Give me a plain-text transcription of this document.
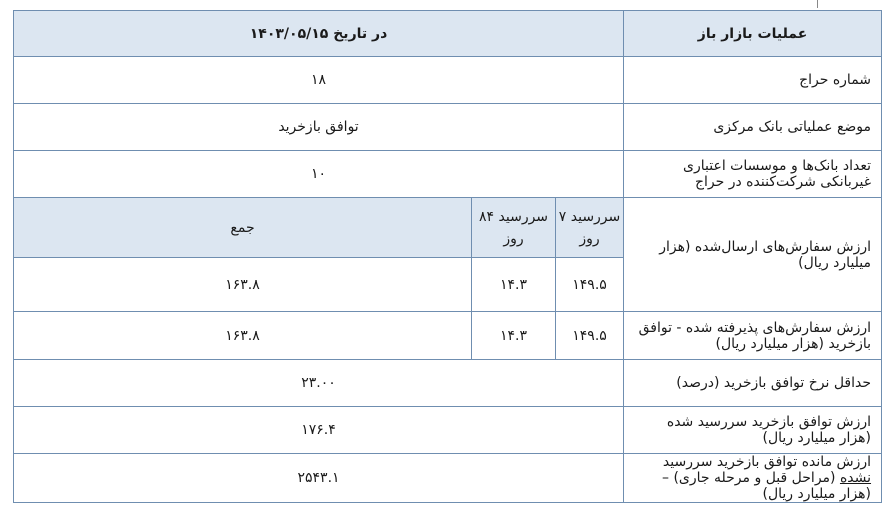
عملیات بازار باز	در تاریخ ۱۴۰۳/۰۵/۱۵		
شماره حراج	۱۸		
موضع عملیاتی بانک مرکزی	توافق بازخرید		
تعداد بانک‌ها و موسسات اعتباری غیربانکی شرکت‌کننده در حراج	۱۰		
ارزش سفارش‌های ارسال‌شده (هزار میلیارد ریال)	سررسید ۷ روز	سررسید ۸۴ روز	جمع
	۱۴۹.۵	۱۴.۳	۱۶۳.۸
ارزش سفارش‌های پذیرفته شده - توافق بازخرید (هزار میلیارد ریال)	۱۴۹.۵	۱۴.۳	۱۶۳.۸
حداقل نرخ توافق بازخرید (درصد)	۲۳.۰۰		
ارزش توافق بازخرید سررسید شده (هزار میلیارد ریال)	۱۷۶.۴		
ارزش مانده توافق بازخرید سررسید نشده (مراحل قبل و مرحله جاری) – (هزار میلیارد ریال)	۲۵۴۳.۱		
